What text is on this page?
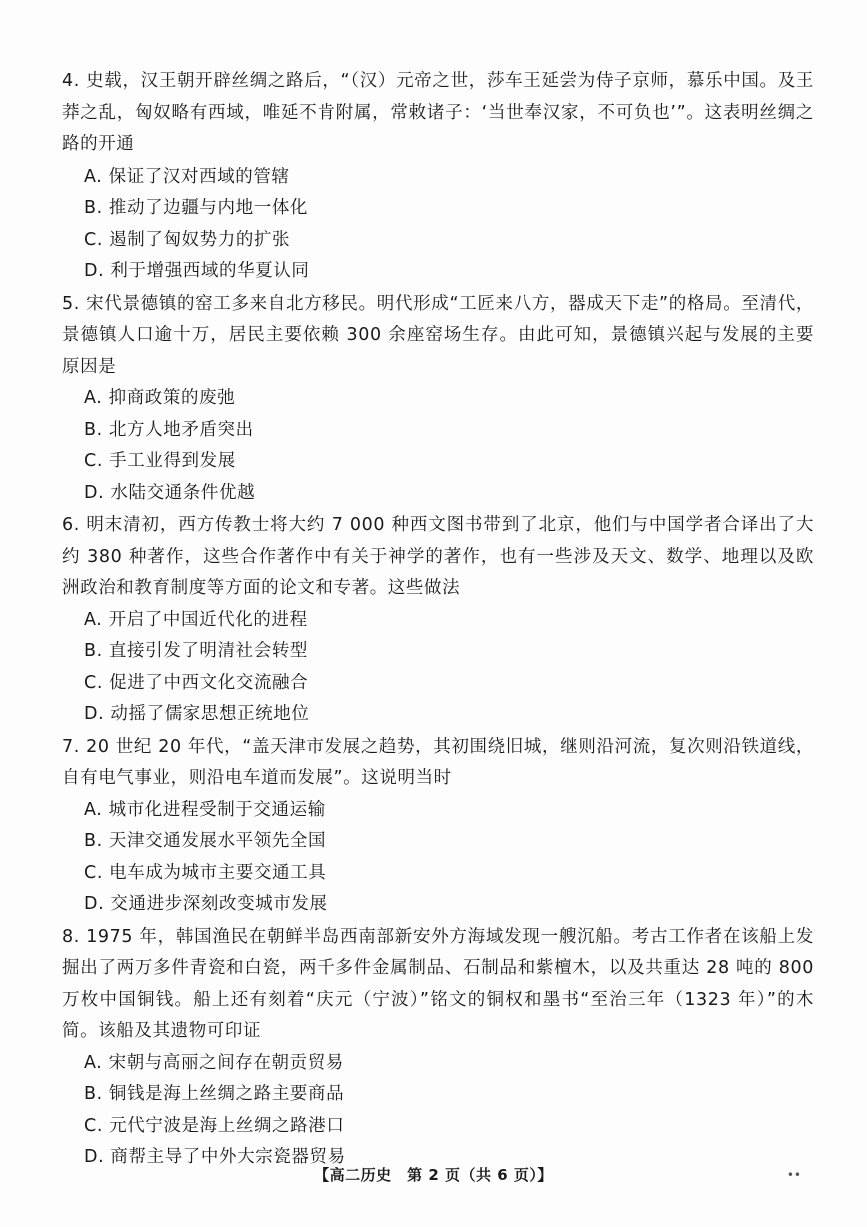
4. 史载，汉王朝开辟丝绸之路后，“（汉）元帝之世，莎车王延尝为侍子京师，慕乐中国。及王莽之乱，匈奴略有西域，唯延不肯附属，常敕诸子：‘当世奉汉家，不可负也’”。这表明丝绸之路的开通

A. 保证了汉对西域的管辖
B. 推动了边疆与内地一体化
C. 遏制了匈奴势力的扩张
D. 利于增强西域的华夏认同

5. 宋代景德镇的窑工多来自北方移民。明代形成“工匠来八方，器成天下走”的格局。至清代，景德镇人口逾十万，居民主要依赖 300 余座窑场生存。由此可知，景德镇兴起与发展的主要原因是

A. 抑商政策的废弛
B. 北方人地矛盾突出
C. 手工业得到发展
D. 水陆交通条件优越

6. 明末清初，西方传教士将大约 7 000 种西文图书带到了北京，他们与中国学者合译出了大约 380 种著作，这些合作著作中有关于神学的著作，也有一些涉及天文、数学、地理以及欧洲政治和教育制度等方面的论文和专著。这些做法

A. 开启了中国近代化的进程
B. 直接引发了明清社会转型
C. 促进了中西文化交流融合
D. 动摇了儒家思想正统地位

7. 20 世纪 20 年代，“盖天津市发展之趋势，其初围绕旧城，继则沿河流，复次则沿铁道线，自有电气事业，则沿电车道而发展”。这说明当时

A. 城市化进程受制于交通运输
B. 天津交通发展水平领先全国
C. 电车成为城市主要交通工具
D. 交通进步深刻改变城市发展

8. 1975 年，韩国渔民在朝鲜半岛西南部新安外方海域发现一艘沉船。考古工作者在该船上发掘出了两万多件青瓷和白瓷，两千多件金属制品、石制品和紫檀木，以及共重达 28 吨的 800 万枚中国铜钱。船上还有刻着“庆元（宁波）”铭文的铜权和墨书“至治三年（1323 年）”的木简。该船及其遗物可印证

A. 宋朝与高丽之间存在朝贡贸易
B. 铜钱是海上丝绸之路主要商品
C. 元代宁波是海上丝绸之路港口
D. 商帮主导了中外大宗瓷器贸易
【高二历史　第 2 页（共 6 页）】	••
